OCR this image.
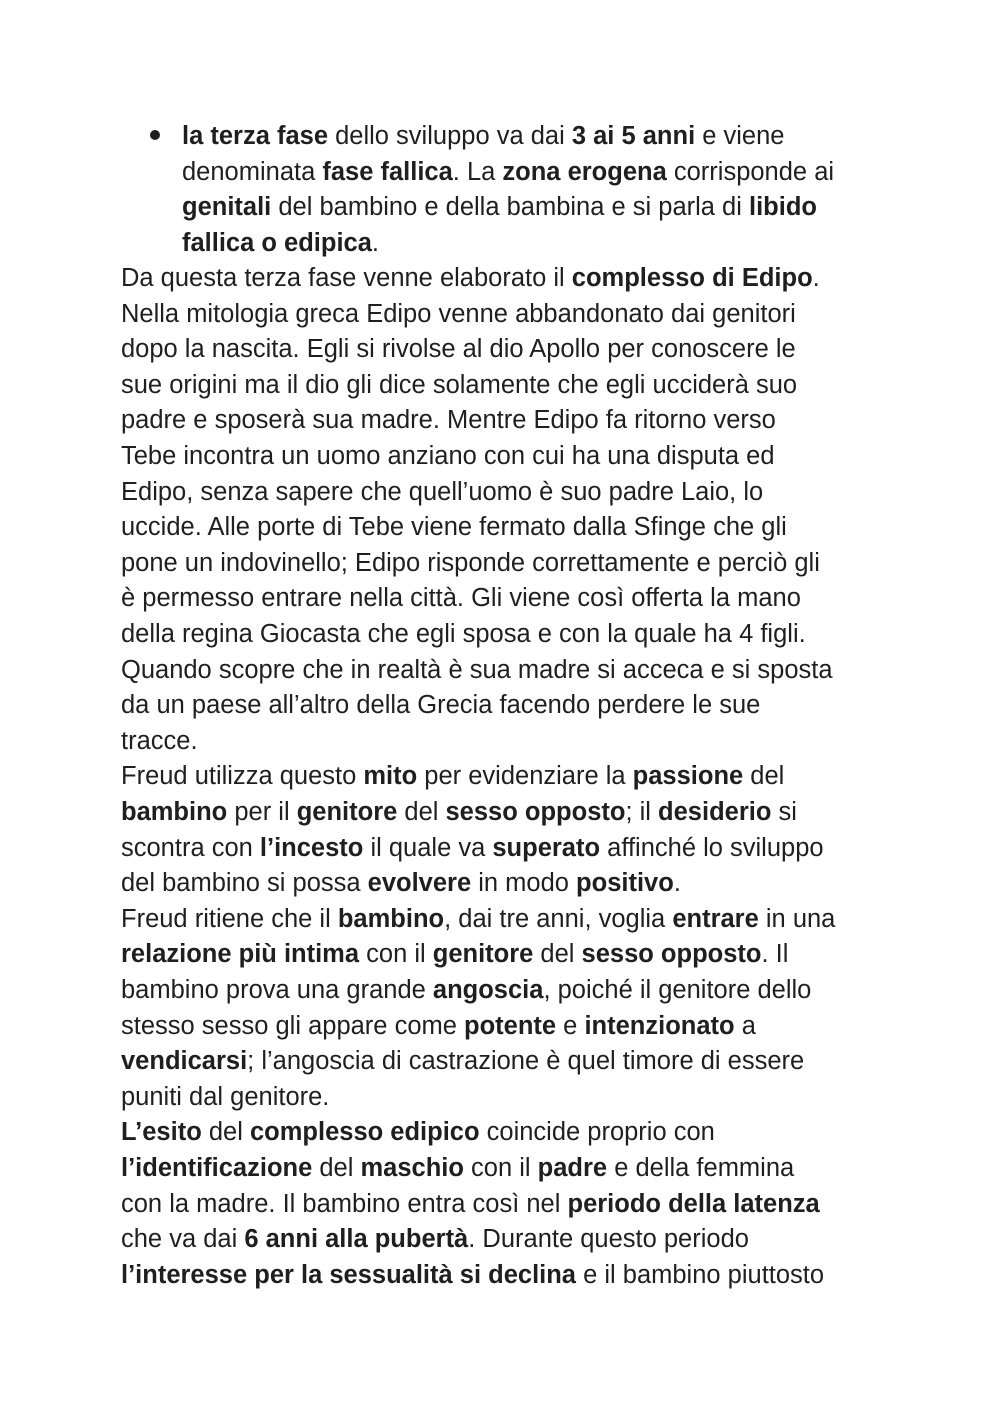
la terza fase dello sviluppo va dai 3 ai 5 anni e viene
denominata fase fallica. La zona erogena corrisponde ai
genitali del bambino e della bambina e si parla di libido
fallica o edipica.
Da questa terza fase venne elaborato il complesso di Edipo.
Nella mitologia greca Edipo venne abbandonato dai genitori
dopo la nascita. Egli si rivolse al dio Apollo per conoscere le
sue origini ma il dio gli dice solamente che egli ucciderà suo
padre e sposerà sua madre. Mentre Edipo fa ritorno verso
Tebe incontra un uomo anziano con cui ha una disputa ed
Edipo, senza sapere che quell’uomo è suo padre Laio, lo
uccide. Alle porte di Tebe viene fermato dalla Sfinge che gli
pone un indovinello; Edipo risponde correttamente e perciò gli
è permesso entrare nella città. Gli viene così offerta la mano
della regina Giocasta che egli sposa e con la quale ha 4 figli.
Quando scopre che in realtà è sua madre si acceca e si sposta
da un paese all’altro della Grecia facendo perdere le sue
tracce.
Freud utilizza questo mito per evidenziare la passione del
bambino per il genitore del sesso opposto; il desiderio si
scontra con l’incesto il quale va superato affinché lo sviluppo
del bambino si possa evolvere in modo positivo.
Freud ritiene che il bambino, dai tre anni, voglia entrare in una
relazione più intima con il genitore del sesso opposto. Il
bambino prova una grande angoscia, poiché il genitore dello
stesso sesso gli appare come potente e intenzionato a
vendicarsi; l’angoscia di castrazione è quel timore di essere
puniti dal genitore.
L’esito del complesso edipico coincide proprio con
l’identificazione del maschio con il padre e della femmina
con la madre. Il bambino entra così nel periodo della latenza
che va dai 6 anni alla pubertà. Durante questo periodo
l’interesse per la sessualità si declina e il bambino piuttosto
